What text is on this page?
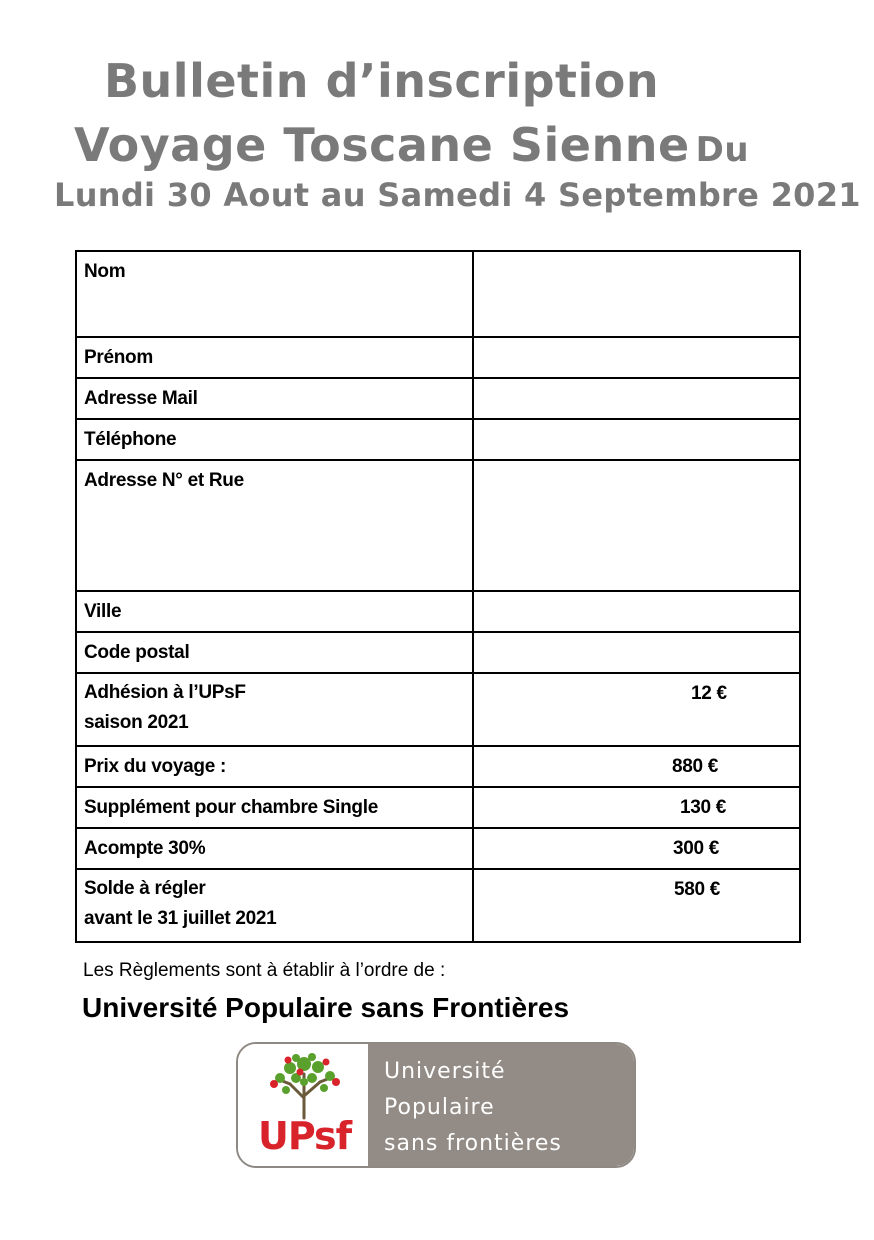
Bulletin d’inscription
Voyage Toscane Sienne Du
Lundi 30 Aout au Samedi 4 Septembre 2021
Nom	

Prénom	

Adresse Mail	

Téléphone	

Adresse N° et Rue	

Ville	

Code postal	

Adhésion à l’UPsF
saison 2021	12 €

Prix du voyage :	880 €

Supplément pour chambre Single	130 €

Acompte 30%	300 €

Solde à régler
avant le 31 juillet 2021	580 €
Les Règlements sont à établir à l’ordre de :
Université Populaire sans Frontières
UPsf
Université
Populaire
sans frontières
